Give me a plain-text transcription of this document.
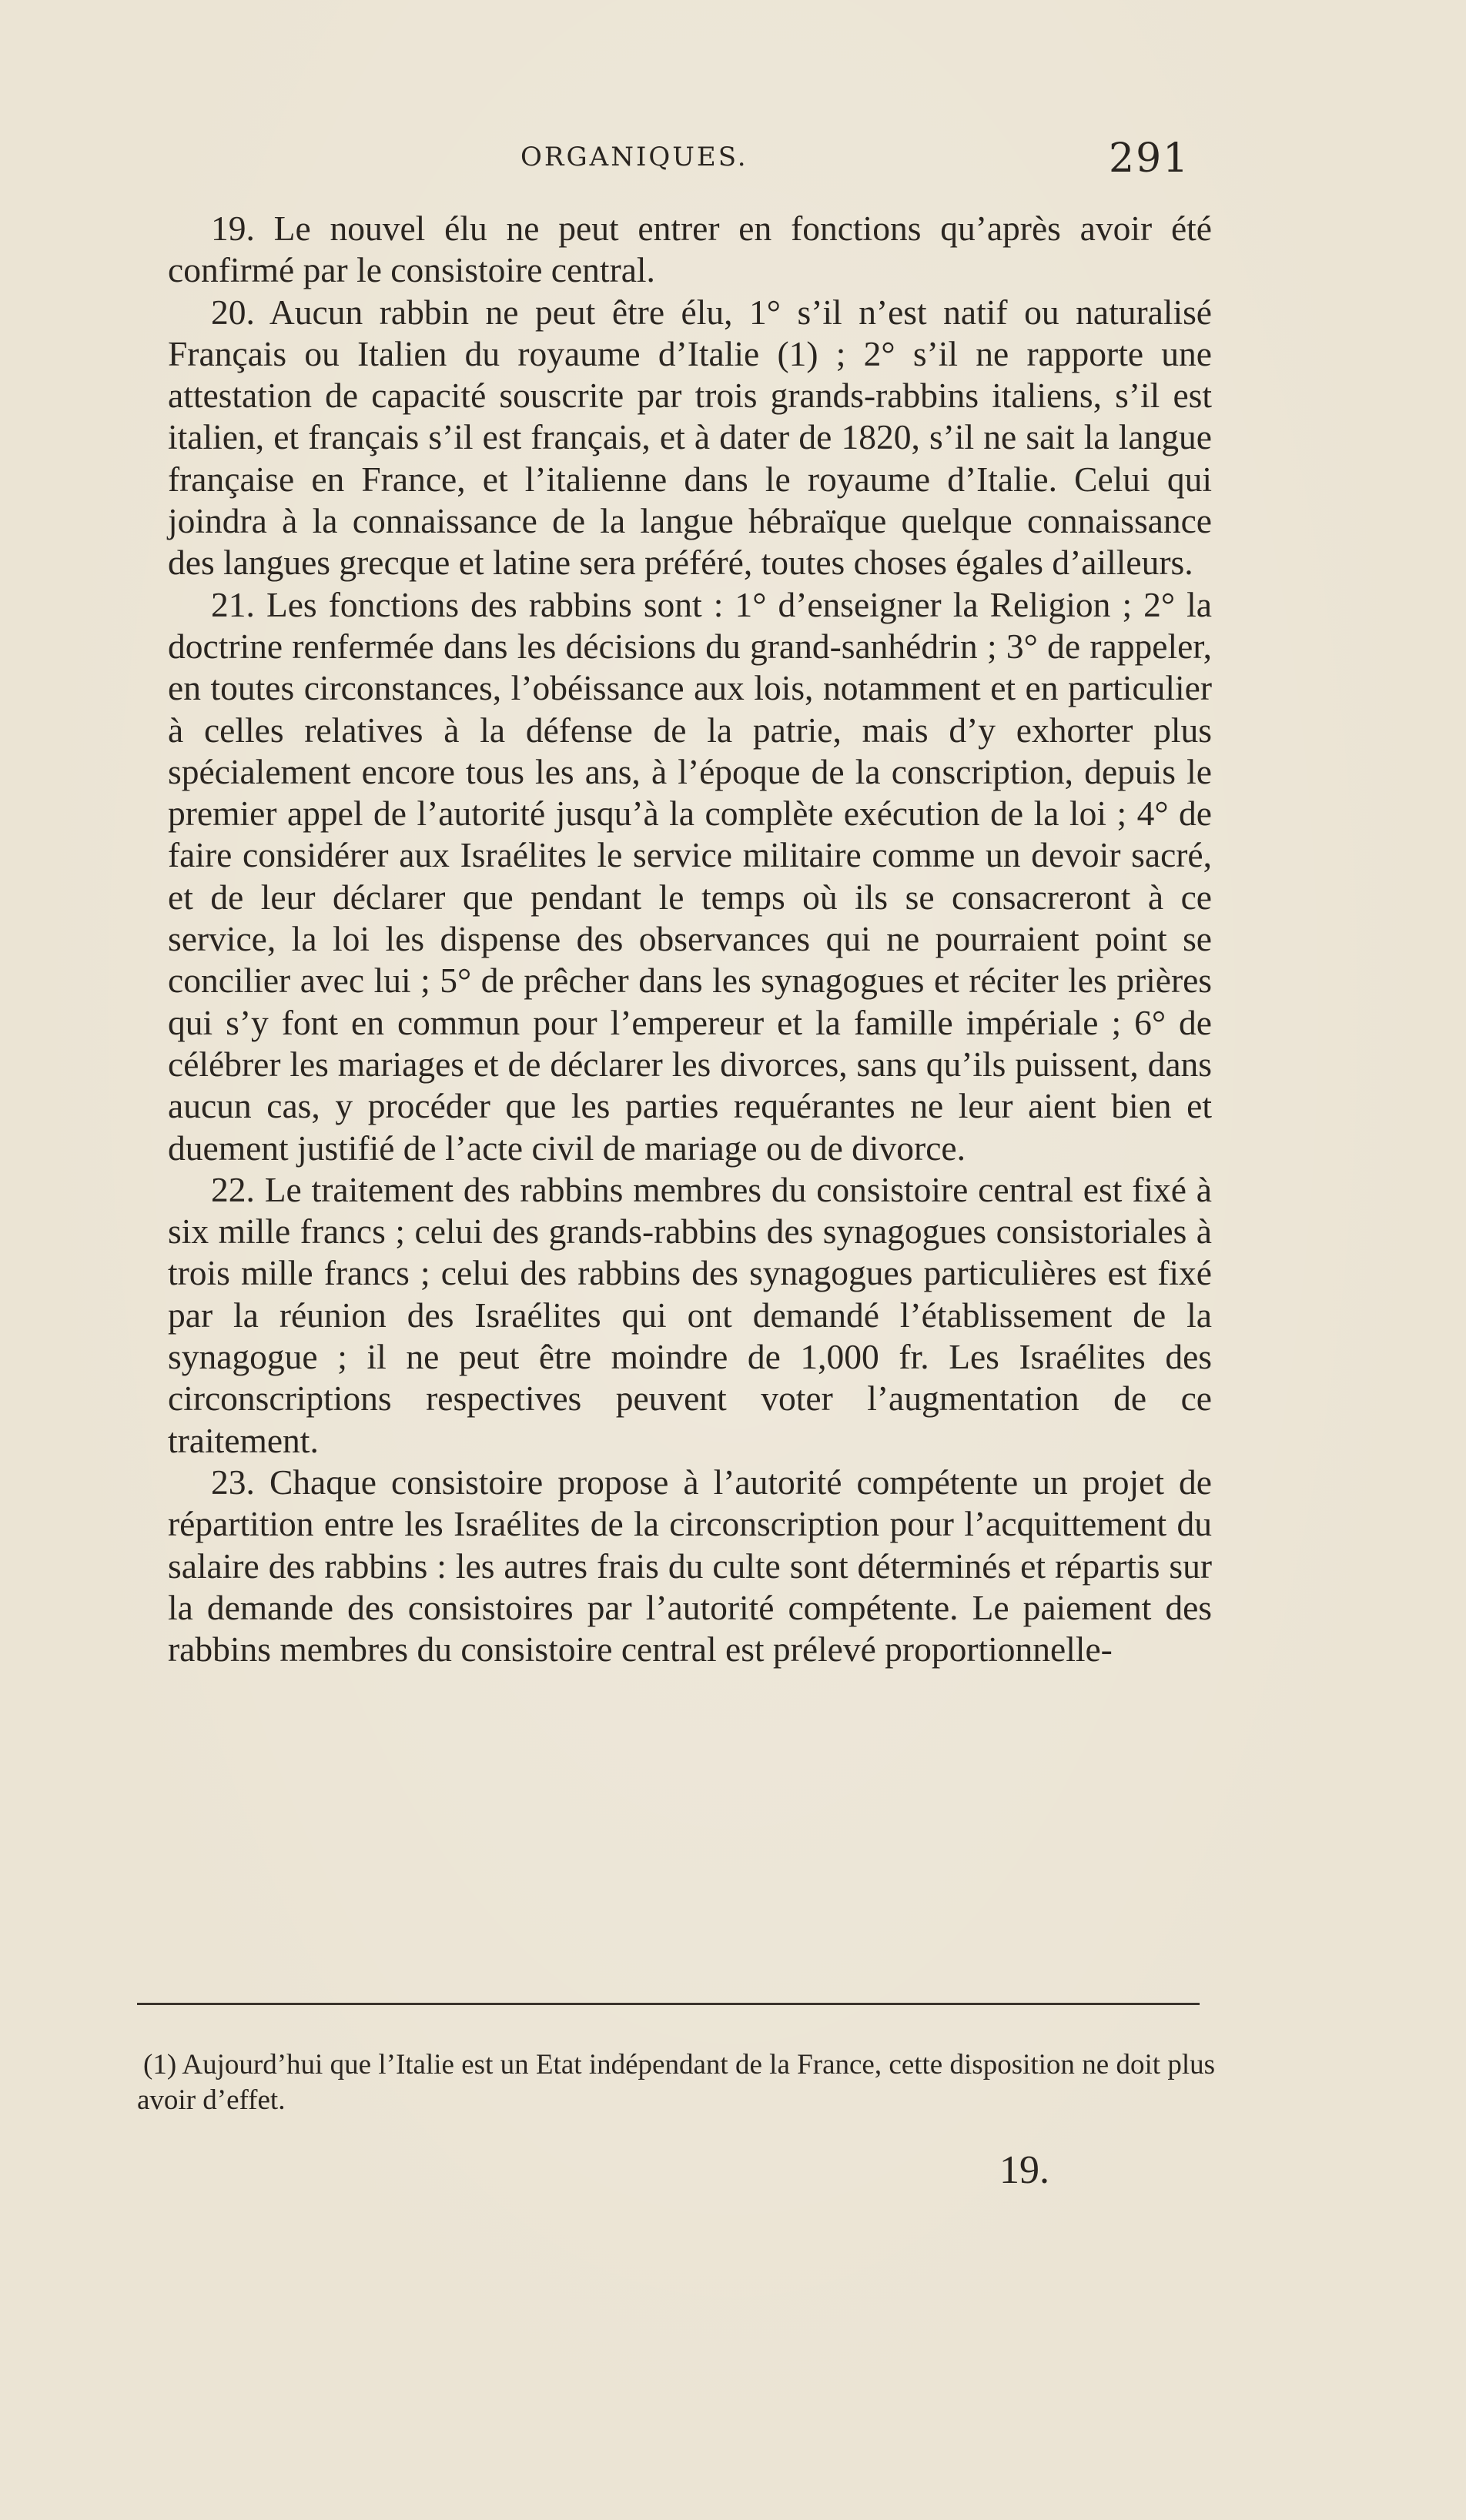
ORGANIQUES.	291

19. Le nouvel élu ne peut entrer en fonctions qu’après avoir été confirmé par le consistoire central.

20. Aucun rabbin ne peut être élu, 1° s’il n’est natif ou naturalisé Français ou Italien du royaume d’Italie (1) ; 2° s’il ne rapporte une attestation de capacité souscrite par trois grands-rabbins italiens, s’il est italien, et français s’il est français, et à dater de 1820, s’il ne sait la langue française en France, et l’italienne dans le royaume d’Italie. Celui qui joindra à la connaissance de la langue hébraïque quelque connaissance des langues grecque et latine sera préféré, toutes choses égales d’ailleurs.

21. Les fonctions des rabbins sont : 1° d’enseigner la Religion ; 2° la doctrine renfermée dans les décisions du grand-sanhédrin ; 3° de rappeler, en toutes circonstances, l’obéissance aux lois, notamment et en particulier à celles relatives à la défense de la patrie, mais d’y exhorter plus spécialement encore tous les ans, à l’époque de la conscription, depuis le premier appel de l’autorité jusqu’à la complète exécution de la loi ; 4° de faire considérer aux Israélites le service militaire comme un devoir sacré, et de leur déclarer que pendant le temps où ils se consacreront à ce service, la loi les dispense des observances qui ne pourraient point se concilier avec lui ; 5° de prêcher dans les synagogues et réciter les prières qui s’y font en commun pour l’empereur et la famille impériale ; 6° de célébrer les mariages et de déclarer les divorces, sans qu’ils puissent, dans aucun cas, y procéder que les parties requérantes ne leur aient bien et duement justifié de l’acte civil de mariage ou de divorce.

22. Le traitement des rabbins membres du consistoire central est fixé à six mille francs ; celui des grands-rabbins des synagogues consistoriales à trois mille francs ; celui des rabbins des synagogues particulières est fixé par la réunion des Israélites qui ont demandé l’établissement de la synagogue ; il ne peut être moindre de 1,000 fr. Les Israélites des circonscriptions respectives peuvent voter l’augmentation de ce traitement.

23. Chaque consistoire propose à l’autorité compétente un projet de répartition entre les Israélites de la circonscription pour l’acquittement du salaire des rabbins : les autres frais du culte sont déterminés et répartis sur la demande des consistoires par l’autorité compétente. Le paiement des rabbins membres du consistoire central est prélevé proportionnelle-

(1) Aujourd’hui que l’Italie est un Etat indépendant de la France, cette disposition ne doit plus avoir d’effet.

19.
